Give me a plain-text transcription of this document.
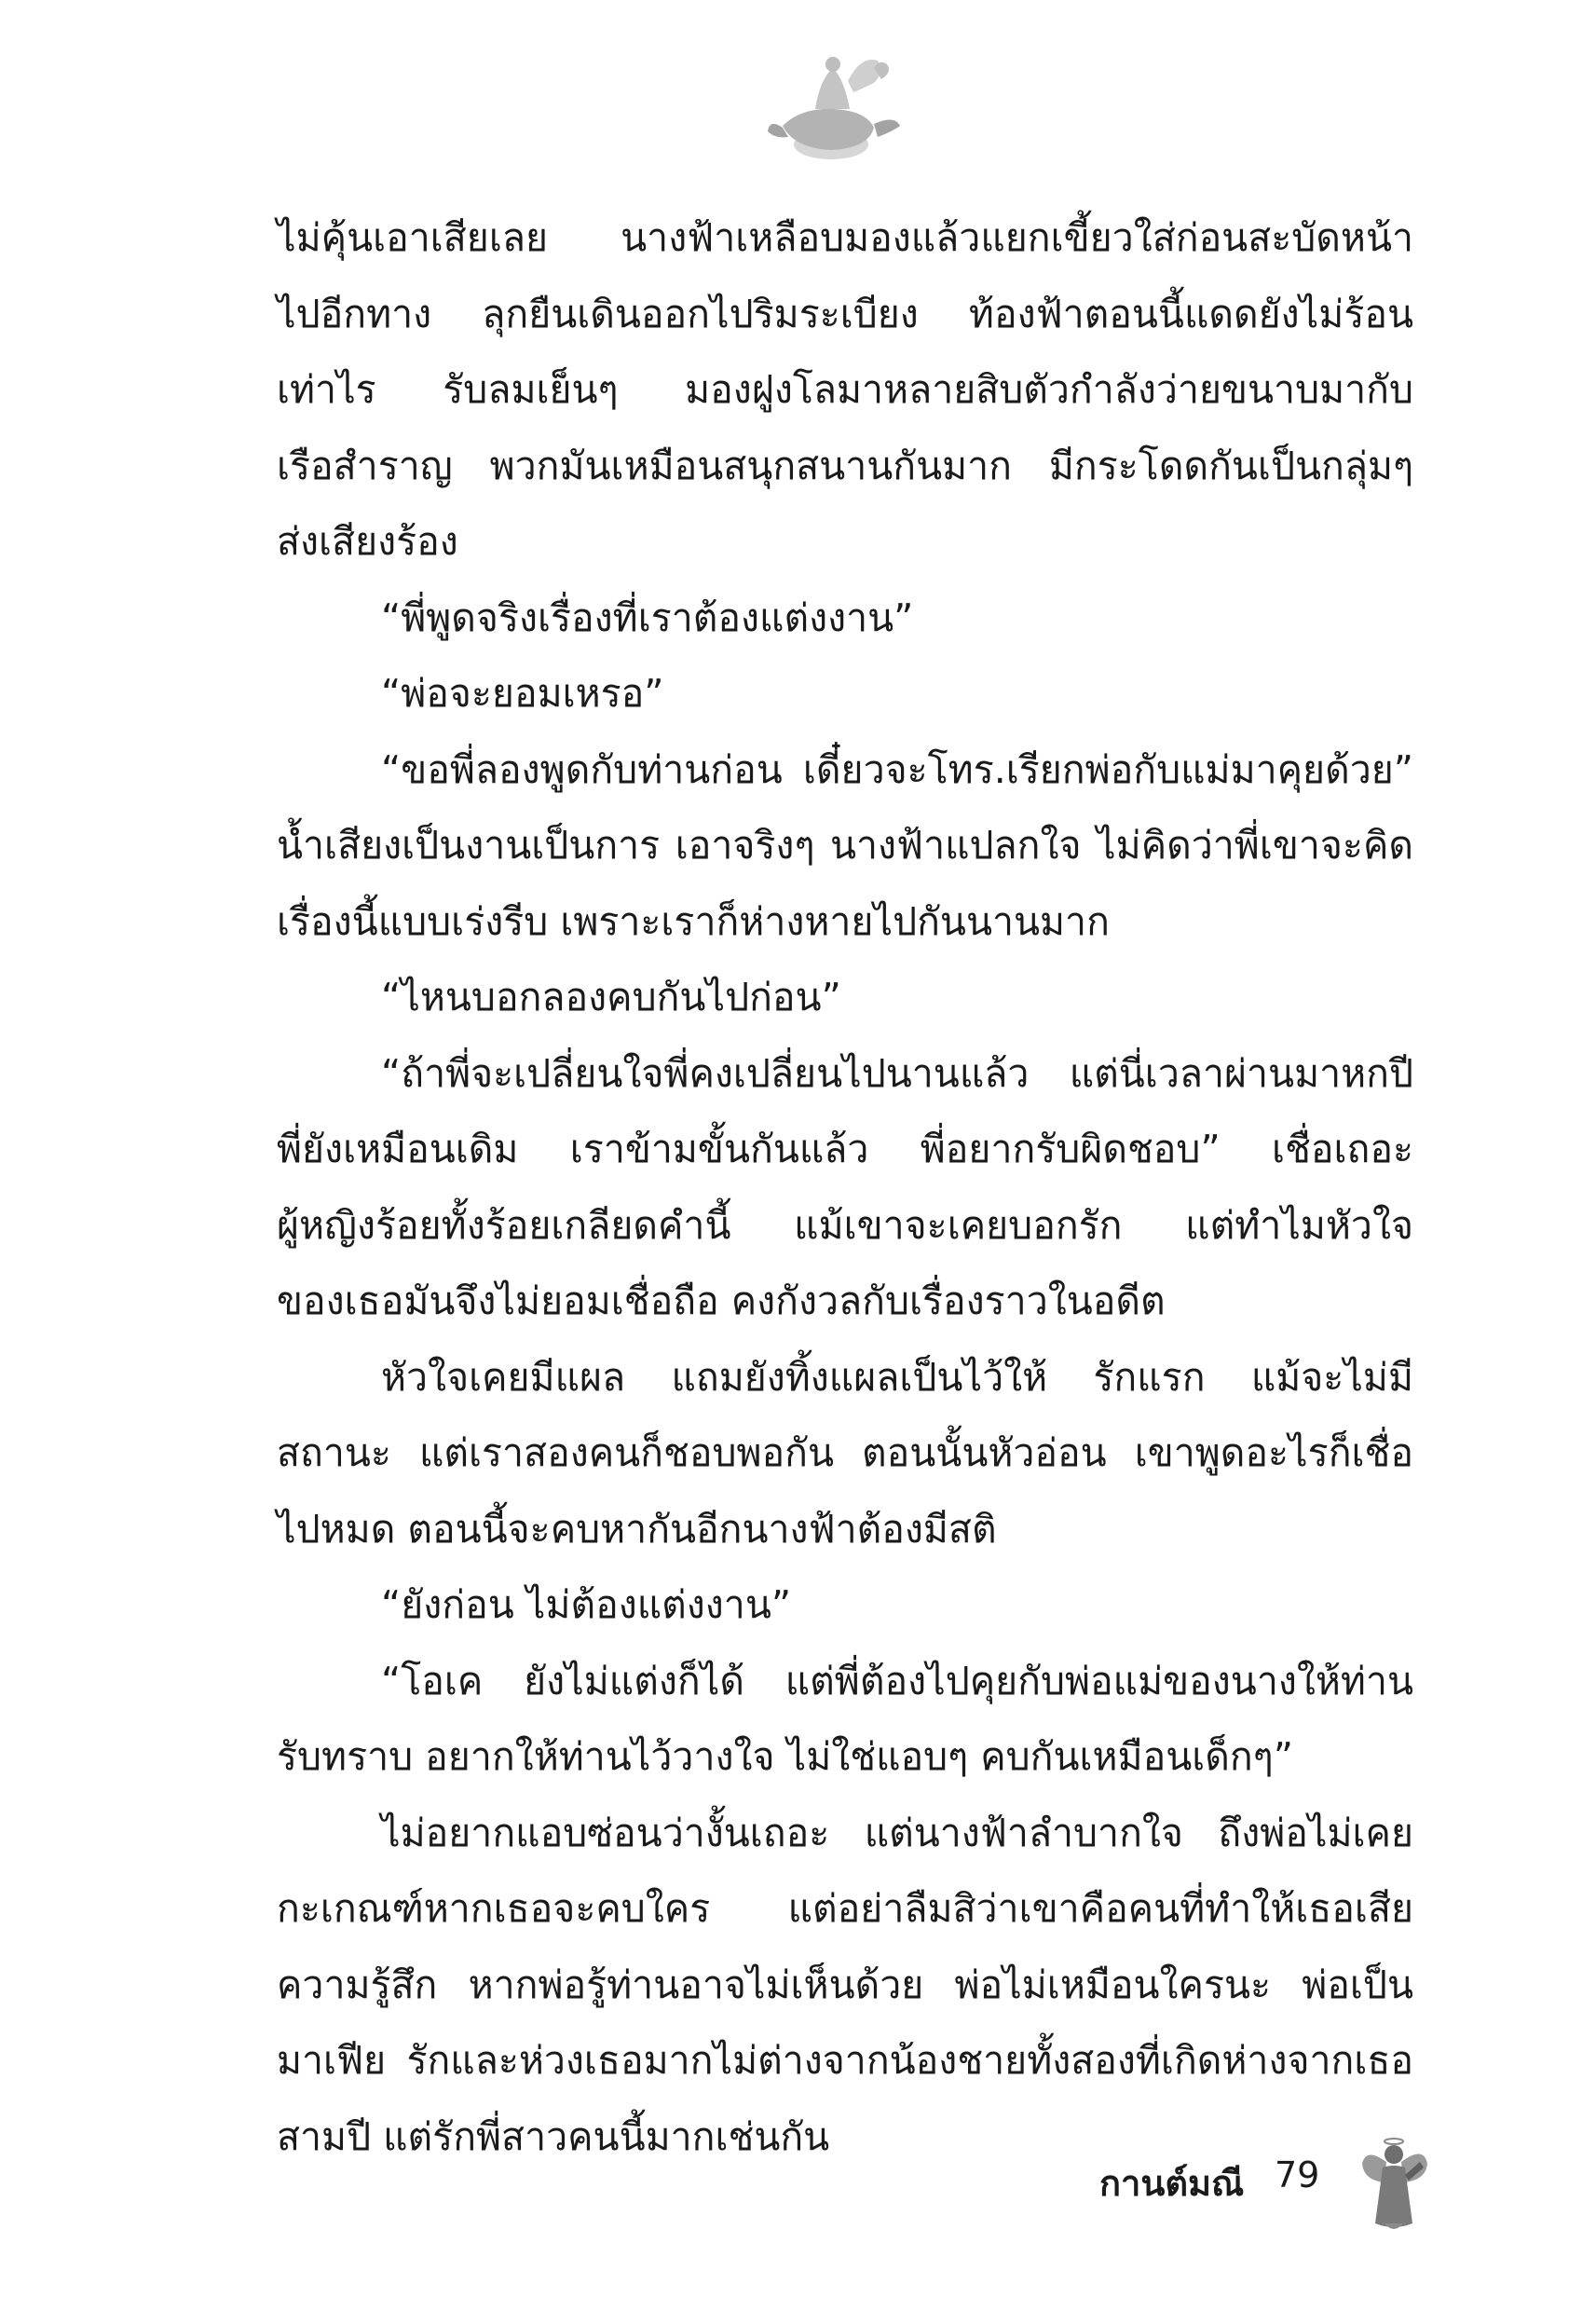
ไม่คุ้นเอาเสียเลย นางฟ้าเหลือบมองแล้วแยกเขี้ยวใส่ก่อนสะบัดหน้า
ไปอีกทาง ลุกยืนเดินออกไปริมระเบียง ท้องฟ้าตอนนี้แดดยังไม่ร้อน
เท่าไร รับลมเย็นๆ มองฝูงโลมาหลายสิบตัวกำลังว่ายขนาบมากับ
เรือสำราญ พวกมันเหมือนสนุกสนานกันมาก มีกระโดดกันเป็นกลุ่มๆ
ส่งเสียงร้อง
“พี่พูดจริงเรื่องที่เราต้องแต่งงาน”
“พ่อจะยอมเหรอ”
“ขอพี่ลองพูดกับท่านก่อน เดี๋ยวจะโทร.เรียกพ่อกับแม่มาคุยด้วย”
น้ำเสียงเป็นงานเป็นการ เอาจริงๆ นางฟ้าแปลกใจ ไม่คิดว่าพี่เขาจะคิด
เรื่องนี้แบบเร่งรีบ เพราะเราก็ห่างหายไปกันนานมาก
“ไหนบอกลองคบกันไปก่อน”
“ถ้าพี่จะเปลี่ยนใจพี่คงเปลี่ยนไปนานแล้ว แต่นี่เวลาผ่านมาหกปี
พี่ยังเหมือนเดิม เราข้ามขั้นกันแล้ว พี่อยากรับผิดชอบ” เชื่อเถอะ
ผู้หญิงร้อยทั้งร้อยเกลียดคำนี้ แม้เขาจะเคยบอกรัก แต่ทำไมหัวใจ
ของเธอมันจึงไม่ยอมเชื่อถือ คงกังวลกับเรื่องราวในอดีต
หัวใจเคยมีแผล แถมยังทิ้งแผลเป็นไว้ให้ รักแรก แม้จะไม่มี
สถานะ แต่เราสองคนก็ชอบพอกัน ตอนนั้นหัวอ่อน เขาพูดอะไรก็เชื่อ
ไปหมด ตอนนี้จะคบหากันอีกนางฟ้าต้องมีสติ
“ยังก่อน ไม่ต้องแต่งงาน”
“โอเค ยังไม่แต่งก็ได้ แต่พี่ต้องไปคุยกับพ่อแม่ของนางให้ท่าน
รับทราบ อยากให้ท่านไว้วางใจ ไม่ใช่แอบๆ คบกันเหมือนเด็กๆ”
ไม่อยากแอบซ่อนว่างั้นเถอะ แต่นางฟ้าลำบากใจ ถึงพ่อไม่เคย
กะเกณฑ์หากเธอจะคบใคร แต่อย่าลืมสิว่าเขาคือคนที่ทำให้เธอเสีย
ความรู้สึก หากพ่อรู้ท่านอาจไม่เห็นด้วย พ่อไม่เหมือนใครนะ พ่อเป็น
มาเฟีย รักและห่วงเธอมากไม่ต่างจากน้องชายทั้งสองที่เกิดห่างจากเธอ
สามปี แต่รักพี่สาวคนนี้มากเช่นกัน
กานต์มณี 79
